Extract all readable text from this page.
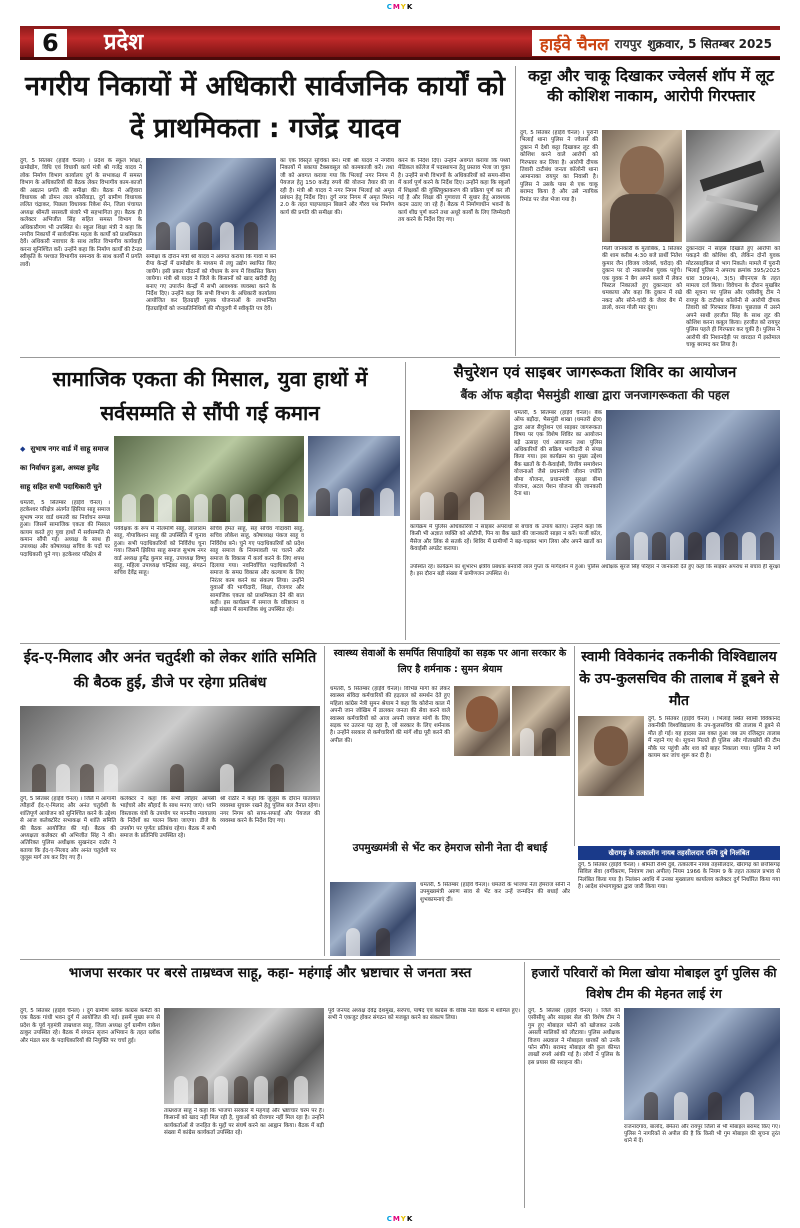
CMYK
6	प्रदेश	हाईवे चैनल रायपुर शुक्रवार, 5 सितम्बर 2025
नगरीय निकायों में अधिकारी सार्वजनिक कार्यों को दें प्राथमिकता : गजेंद्र यादव
दुर्ग, 5 सितंबर (हाईवे चैनल) । प्रदेश के स्कूल शिक्षा, ग्रामोद्योग, विधि एवं विधायी कार्य मंत्री श्री गजेंद्र यादव ने लोक निर्माण विभाग कार्यालय दुर्ग के सभाकक्ष में समस्त विभाग के अधिकारियों की बैठक लेकर विभागीय काम-काजों की अद्यतन प्रगति की समीक्षा की। बैठक में अहिवारा विधायक श्री डोमन लाल कोर्सेवाड़ा, दुर्ग ग्रामीण विधायक ललित चंद्राकर, पिछला विधायक रिकेश सेन, जिला पंचायत अध्यक्ष श्रीमती सरस्वती बंजारे भी सहभागिता हुए। बैठक ही कलेक्टर अभिजीत सिंह सहित समस्त विभाग के अधिकारीगण भी उपस्थित थे। स्कूल शिक्षा मंत्री ने कहा कि नगरीय निकायों में सार्वजनिक महत्व के कार्यों को प्राथमिकता देवें। अधिकारी नवाचार के साथ त्वरित विभागीय कार्यवाही करना सुनिश्चित करें। उन्होंने कहा कि निर्माण कार्यों की टेन्डर स्वीकृति के पश्चात विभागीय समन्वय के साथ कार्यों में प्रगति लावें।
समीक्षा के दौरान मंत्री श्री यादव ने अवगत कराया कि गांवों में बने रीपा केन्द्रों में ग्रामोद्योग के माध्यम से लघु उद्योग स्थापित किए जायेंगे। इसी प्रकार गौठानों को गौधाम के रूप में विकसित किया जायेगा। मंत्री श्री यादव ने जिले के किसानों को खाद खरीदी हेतु बनाए गए उपार्जन केन्द्रों में सभी आवश्यक व्यवस्था करने के निर्देश दिए। उन्होंने कहा कि सभी विभाग के अधिकारी कार्यालय आयोजित कर हितग्राही मूलक योजनाओं के लाभान्वित हितग्राहियों को जनप्रतिनिधियों की मौजूदगी में स्वीकृति पत्र देवें।
का एक विस्तृत सूचिका बनें। मंत्री श्री यादव ने नगरीय निकायों में बकाया टैक्सवसूल को कामकाजी करें। तथा जी को अवगत कराया गया कि भिलाई नगर निगम में पेयजल हेतु 150 करोड़ रुपये की योजना तैयार की जा रही है। मंत्री श्री यादव ने नगर निगम भिलाई को अमृत प्रबंधन हेतु निर्देश दिए। दुर्ग नगर निगम में अमृत मिशन 2.0 के तहत पाइपलाइन बिछाने और गौरव पथ निर्माण कार्य की प्रगति की समीक्षा की।
करने के निर्देश दिए। उन्होंने अवगत कराया कि पथ्यों मेडिकल कॉलेज में पदस्थापना हेतु प्रस्ताव भेजा जा चुका है। उन्होंने सभी विभागों के अधिकारियों को समय-सीमा में कार्य पूर्ण करने के निर्देश दिए। उन्होंने कहा कि स्कूलों में शिक्षकों की युक्तियुक्तकरण की प्रक्रिया पूर्ण कर ली गई है और शिक्षा की गुणवत्ता में सुधार हेतु आवश्यक कदम उठाए जा रहे हैं। बैठक में निर्माणाधीन भवनों के कार्य शीघ्र पूर्ण करने तथा अधूरे कार्यों के लिए जिम्मेदारी तय करने के निर्देश दिए गए।
कट्टा और चाकू दिखाकर ज्वेलर्स शॉप में लूट की कोशिश नाकाम, आरोपी गिरफ्तार
दुर्ग, 5 सितंबर (हाईवे चैनल) । पुरानी भिलाई थाना पुलिस ने ज्वेलर्स की दुकान में देशी कट्टा दिखाकर लूट की कोशिश करने वाले आरोपी को गिरफ्तार कर लिया है। आरोपी दीपक तिवारी टाटीबंध जनता कॉलोनी थाना आमानाका रायपुर का निवासी है। पुलिस ने उसके पास से एक चाकू बरामद किया है और उसे न्यायिक रिमांड पर जेल भेजा गया है।
मिली जानकारी के मुताबिक, 1 सितंबर की शाम करीब 4:30 बजे प्रार्थी नितेश कुमार जैन (विजय ज्वेलर्स, चरोदा) की दुकान पर दो नकाबपोश युवक पहुंचे। एक युवक ने बैग अपने कब्जे में लेकर पिस्टल निकालते हुए दुकानदार को धमकाया और कहा कि दुकान में रखे नकद और सोने-चांदी के जेवर बैग में डालो, वरना गोली मार दूंगा।
दुकानदार ने साहस दिखाते हुए आरोपी को पकड़ने की कोशिश की, लेकिन दोनों युवक मोटरसाइकिल से भाग निकले। मामले में पुरानी भिलाई पुलिस ने अपराध क्रमांक 395/2025 धारा 309(4), 3(5) बीएनएस के तहत मामला दर्ज किया। विवेचना के दौरान मुखबिर की सूचना पर पुलिस और एसीसीयू टीम ने रायपुर के टाटीबंध कॉलोनी से आरोपी दीपक तिवारी को गिरफ्तार किया। पूछताछ में उसने अपने साथी हरजीत सिंह के साथ लूट की कोशिश करना कबूल किया। हरजीत को रायपुर पुलिस पहले ही गिरफ्तार कर चुकी है। पुलिस ने आरोपी की निशानदेही पर वारदात में इस्तेमाल चाकू बरामद कर लिया है।
सामाजिक एकता की मिसाल, युवा हाथों में सर्वसम्मति से सौंपी गई कमान
◆ सुभाष नगर वार्ड में साहू समाज का निर्वाचन हुआ, अध्यक्ष हुमेंद्र साहू सहित सभी पदाधिकारी चुने
धमतरी, 5 सितम्बर (हाईवे चैनल) । हटकेश्वर परिक्षेत्र अंतर्गत झिरिया साहू समाज सुभाष नगर वार्ड धमतरी का निर्वाचन सम्पन्न हुआ। जिसमें सामाजिक एकता की मिसाल कायम करते हुए युवा हाथों में सर्वसम्मति से कमान सौंपी गई। अध्यक्ष के साथ ही उपाध्यक्ष और कोषाध्यक्ष सचिव के पदों पर पदाधिकारी चुने गए। हटकेश्वर परिक्षेत्र से
पर्यवेक्षक के रूप में नीलमणि साहू, लालाराम साहू, गोपाकिशन साहू की उपस्थिति में चुनाव हुआ। सभी पदाधिकारियों को निर्विरोध चुना गया। जिसमें झिरिया साहू समाज सुभाष नगर वार्ड अध्यक्ष हुमेंद्र कुमार साहू, उपाध्यक्ष विष्णु साहू, महिला उपाध्यक्ष चन्द्रिका साहू, संगठन सचिव देवेंद्र साहू।
सचिव हेमंत साहू, सह सचिव गोदावरी साहू, सचिव लोकेश साहू, कोषाध्यक्ष पंकज साहू व निर्विरोध बने। चुने गए पदाधिकारियों को प्रदेश साहू समाज के नियमावली पर चलने और समाज के विकास में कार्य करने के लिए शपथ दिलाया गया। नवनिर्वाचित पदाधिकारियों ने समाज के समग्र विकास और कल्याण के लिए निरंतर काम करने का संकल्प लिया। उन्होंने युवाओं की भागीदारी, शिक्षा, रोजगार और सामाजिक एकता को प्राथमिकता देने की बात कही। इस कार्यक्रम में समाज के वरिष्ठजन व बड़ी संख्या में सामाजिक बंधु उपस्थित रहे।
सैचुरेशन एवं साइबर जागरूकता शिविर का आयोजन
बैंक ऑफ बड़ौदा भैसमुंडी शाखा द्वारा जनजागरूकता की पहल
धमतरी, 5 सितम्बर (हाईवे चैनल)। बैंक ऑफ बड़ौदा, भैसमुंडी शाखा (धमतरी क्षेत्र) द्वारा आज सैचुरेशन एवं साइबर जागरूकता विषय पर एक विशेष शिविर का आयोजन बड़े उत्साह एवं आयाजन तथा पुलिस अधिकारियों की सक्रिय भागीदारी से संपन्न किया गया। इस कार्यक्रम का मुख्य उद्देश्य बैंक खातों के री-केवाईसी, वित्तीय समावेशन योजनाओं जैसे प्रधानमंत्री जीवन ज्योति बीमा योजना, प्रधानमंत्री सुरक्षा बीमा योजना, अटल पेंशन योजना की जानकारी देना था।
कार्यक्रम में पुलिस अधिकारियों ने साइबर अपराधों से बचाव के उपाय बताए। उन्होंने कहा कि किसी भी अज्ञात व्यक्ति को ओटीपी, पिन या बैंक खाते की जानकारी साझा न करें। फर्जी कॉल, मैसेज और लिंक से सतर्क रहें। शिविर में ग्रामीणों ने बढ़-चढ़कर भाग लिया और अपने खातों का केवाईसी अपडेट कराया।
उपस्थित रहे। कार्यक्रम का शुभारंभ क्षेत्रीय प्रबंधक बनवारी लाल गुप्ता के मार्गदर्शन में हुआ। पुलिस अधीक्षक सूरज सिंह परिहार ने जानकारी देते हुए कहा कि साइबर अपराध से बचाव ही सुरक्षा है। इस दौरान बड़ी संख्या में ग्रामीणजन उपस्थित थे।
ईद-ए-मिलाद और अनंत चतुर्दशी को लेकर शांति समिति की बैठक हुई, डीजे पर रहेगा प्रतिबंध
दुर्ग, 5 सितंबर (हाईवे चैनल) । जिले में आगामी त्यौहारों ईद-ए-मिलाद और अनंत चतुर्दशी के शांतिपूर्ण आयोजन को सुनिश्चित करने के उद्देश्य से आज कलेक्टोरेट सभाकक्ष में शांति समिति की बैठक आयोजित की गई। बैठक की अध्यक्षता कलेक्टर श्री अभिजीत सिंह ने की। अतिरिक्त पुलिस अधीक्षक सुखनंदन राठौर ने बताया कि ईद-ए-मिलाद और अनंत चतुर्दशी पर जुलूस मार्ग तय कर दिए गए हैं।
कलेक्टर ने कहा कि सभी त्यौहार आपसी भाईचारे और सौहार्द के साथ मनाए जाएं। ध्वनि विस्तारक यंत्रों के उपयोग पर माननीय न्यायालय के निर्देशों का पालन किया जाएगा। डीजे के उपयोग पर पूर्णतः प्रतिबंध रहेगा। बैठक में सभी समाज के प्रतिनिधि उपस्थित रहे।
श्री राठौर ने कहा कि जुलूस के दौरान यातायात व्यवस्था सुचारू रखने हेतु पुलिस बल तैनात रहेगा। नगर निगम को साफ-सफाई और पेयजल की व्यवस्था करने के निर्देश दिए गए।
स्वास्थ्य सेवाओं के समर्पित सिपाहियों का सड़क पर आना सरकार के लिए है शर्मनाक : सुमन श्रेयाम
धमतरी, 5 सितम्बर (हाईवे चैनल)। विभिन्न मांगों को लेकर स्वास्थ्य संविदा कर्मचारियों की हड़ताल को समर्थन देते हुए महिला कांग्रेस नेत्री सुमन श्रेयाम ने कहा कि कोरोना काल में अपनी जान जोखिम में डालकर जनता की सेवा करने वाले स्वास्थ्य कर्मचारियों को आज अपनी जायज मांगों के लिए सड़क पर उतरना पड़ रहा है, जो सरकार के लिए शर्मनाक है। उन्होंने सरकार से कर्मचारियों की मांगें शीघ्र पूरी करने की अपील की।
उपमुख्यमंत्री से भेंट कर हेमराज सोनी नेता दी बधाई
धमतरी, 5 सितम्बर (हाईवे चैनल)। धमतरी के भाजपा नेता हेमराज सोनी ने उपमुख्यमंत्री अरुण साव से भेंट कर उन्हें जन्मदिन की बधाई और शुभकामनाएं दीं।
स्वामी विवेकानंद तकनीकी विश्विद्यालय के उप-कुलसचिव की तालाब में डूबने से मौत
दुर्ग, 5 सितंबर (हाईवे चैनल) । भिलाई स्थित स्वामी विवेकानंद तकनीकी विश्वविद्यालय के उप-कुलसचिव की तालाब में डूबने से मौत हो गई। यह हादसा उस वक्त हुआ जब उप रजिस्ट्रार तालाब में नहाने गए थे। सूचना मिलते ही पुलिस और गोताखोरों की टीम मौके पर पहुंची और शव को बाहर निकाला गया। पुलिस ने मर्ग कायम कर जांच शुरू कर दी है।
खैरागढ़ के तत्कालीन नायब तहसीलदार रश्मि दुबे निलंबित
दुर्ग, 5 सितंबर (हाईवे चैनल) । श्रीमती रश्मि दुबे, तत्कालीन नायब तहसीलदार, खैरागढ़ को छत्तीसगढ़ सिविल सेवा (वर्गीकरण, नियंत्रण तथा अपील) नियम 1966 के नियम 9 के तहत तत्काल प्रभाव से निलंबित किया गया है। निलंबन अवधि में उनका मुख्यालय कार्यालय कलेक्टर दुर्ग निर्धारित किया गया है। आदेश संभागायुक्त द्वारा जारी किया गया।
भाजपा सरकार पर बरसे ताम्रध्वज साहू, कहा- महंगाई और भ्रष्टाचार से जनता त्रस्त
दुर्ग, 5 सितंबर (हाईवे चैनल) । दुर्ग ग्रामीण ब्लॉक कांग्रेस कमेटी की एक बैठक गांधी भवन दुर्ग में आयोजित की गई। इसमें मुख्य रूप से प्रदेश के पूर्व गृहमंत्री ताम्रध्वज साहू, जिला अध्यक्ष दुर्ग ग्रामीण राकेश ठाकुर उपस्थित रहे। बैठक में संगठन सृजन अभियान के तहत ब्लॉक और मंडल स्तर के पदाधिकारियों की नियुक्ति पर चर्चा हुई।
ताम्रध्वज साहू ने कहा कि भाजपा सरकार में महंगाई और भ्रष्टाचार चरम पर है। किसानों को खाद नहीं मिल रही है, युवाओं को रोजगार नहीं मिल रहा है। उन्होंने कार्यकर्ताओं से जनहित के मुद्दों पर संघर्ष करने का आह्वान किया। बैठक में बड़ी संख्या में कांग्रेस कार्यकर्ता उपस्थित रहे।
पूर्व जनपद अध्यक्ष देवेंद्र देशमुख, सरपंच, पार्षद एवं कांग्रेस के वरिष्ठ नेता बैठक में शामिल हुए। सभी ने एकजुट होकर संगठन को मजबूत करने का संकल्प लिया।
हजारों परिवारों को मिला खोया मोबाइल दुर्ग पुलिस की विशेष टीम की मेहनत लाई रंग
दुर्ग, 5 सितंबर (हाईवे चैनल) । जिले की एसीसीयू और साइबर सेल की विशेष टीम ने गुम हुए मोबाइल फोनों को खोजकर उनके असली मालिकों को लौटाया। पुलिस अधीक्षक विजय अग्रवाल ने मोबाइल धारकों को उनके फोन सौंपे। बरामद मोबाइल की कुल कीमत लाखों रुपये आंकी गई है। लोगों ने पुलिस के इस प्रयास की सराहना की।
राजनांदगांव, बालोद, बेमेतरा और रायपुर जिलों से भी मोबाइल बरामद किए गए। पुलिस ने नागरिकों से अपील की है कि किसी भी गुम मोबाइल की सूचना तुरंत थाने में दें।
CMYK
